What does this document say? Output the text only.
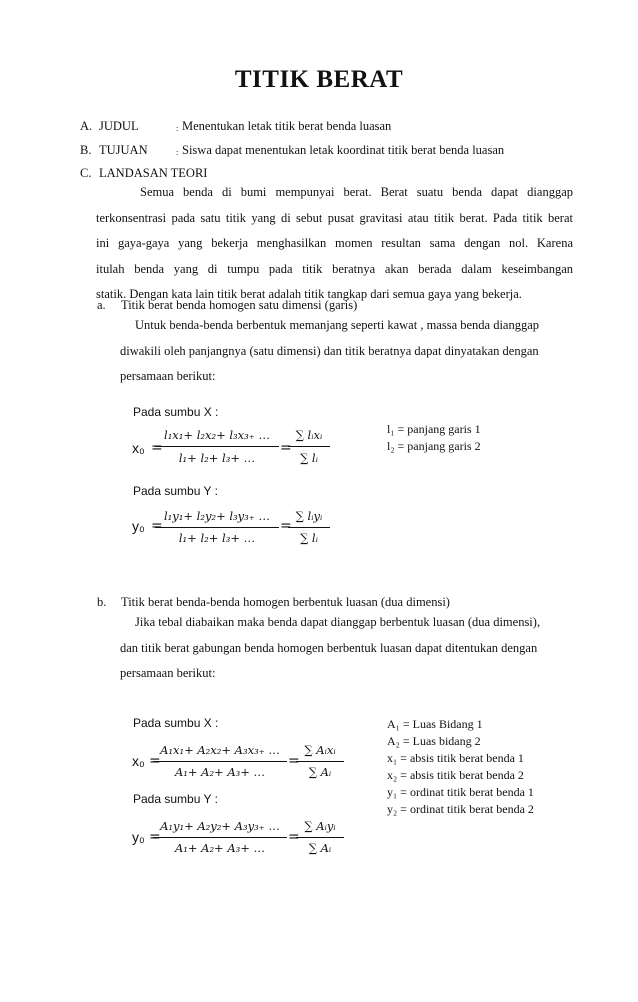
TITIK BERAT
A. JUDUL	: Menentukan letak titik berat benda luasan
B. TUJUAN	: Siswa dapat menentukan letak koordinat titik berat benda luasan
C. LANDASAN TEORI
Semua benda di bumi mempunyai berat. Berat suatu benda dapat dianggap
terkonsentrasi pada satu titik yang di sebut pusat gravitasi atau titik berat. Pada titik berat
ini gaya-gaya yang bekerja menghasilkan momen resultan sama dengan nol. Karena
itulah benda yang di tumpu pada titik beratnya akan berada dalam keseimbangan
statik. Dengan kata lain titik berat adalah titik tangkap dari semua gaya yang bekerja.
a. Titik berat benda homogen satu dimensi (garis)
Untuk benda-benda berbentuk memanjang seperti kawat , massa benda dianggap
diwakili oleh panjangnya (satu dimensi) dan titik beratnya dapat dinyatakan dengan
persamaan berikut:
Pada sumbu X :
x₀ =
𝑙₁𝑥₁+ 𝑙₂𝑥₂+ 𝑙₃𝑥₃₊ …
𝑙₁+ 𝑙₂+ 𝑙₃+ …
=
∑ 𝑙ᵢ𝑥ᵢ
∑ 𝑙ᵢ
l₁ = panjang garis 1
l₂ = panjang garis 2
Pada sumbu Y :
y₀ =
𝑙₁𝑦₁+ 𝑙₂𝑦₂+ 𝑙₃𝑦₃₊ …
𝑙₁+ 𝑙₂+ 𝑙₃+ …
=
∑ 𝑙ᵢ𝑦ᵢ
∑ 𝑙ᵢ
b. Titik berat benda-benda homogen berbentuk luasan (dua dimensi)
Jika tebal diabaikan maka benda dapat dianggap berbentuk luasan (dua dimensi),
dan titik berat gabungan benda homogen berbentuk luasan dapat ditentukan dengan
persamaan berikut:
Pada sumbu X :
x₀ =
𝐴₁𝑥₁+ 𝐴₂𝑥₂+ 𝐴₃𝑥₃₊ …
𝐴₁+ 𝐴₂+ 𝐴₃+ …
=
∑ 𝐴ᵢ𝑥ᵢ
∑ 𝐴ᵢ
Pada sumbu Y :
y₀ =
𝐴₁𝑦₁+ 𝐴₂𝑦₂+ 𝐴₃𝑦₃₊ …
𝐴₁+ 𝐴₂+ 𝐴₃+ …
=
∑ 𝐴ᵢ𝑦ᵢ
∑ 𝐴ᵢ
A₁ = Luas Bidang 1
A₂ = Luas bidang 2
x₁ = absis titik berat benda 1
x₂ = absis titik berat benda 2
y₁ = ordinat titik berat benda 1
y₂ = ordinat titik berat benda 2
